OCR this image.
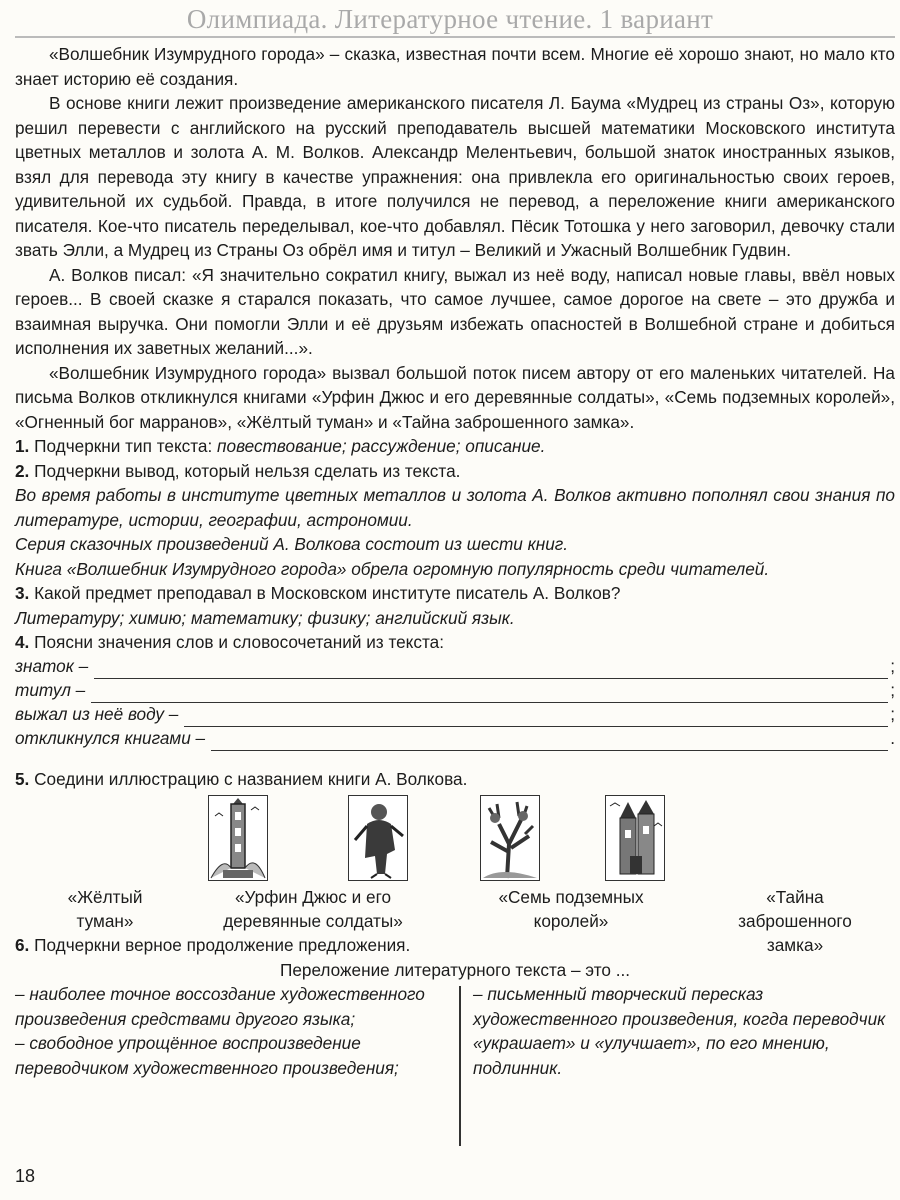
Олимпиада. Литературное чтение. 1 вариант

«Волшебник Изумрудного города» – сказка, известная почти всем. Многие её хорошо знают, но мало кто знает историю её создания.

В основе книги лежит произведение американского писателя Л. Баума «Мудрец из страны Оз», которую решил перевести с английского на русский преподаватель высшей математики Московского института цветных металлов и золота А. М. Волков. Александр Мелентьевич, большой знаток иностранных языков, взял для перевода эту книгу в качестве упражнения: она привлекла его оригинальностью своих героев, удивительной их судьбой. Правда, в итоге получился не перевод, а переложение книги американского писателя. Кое-что писатель переделывал, кое-что добавлял. Пёсик Тотошка у него заговорил, девочку стали звать Элли, а Мудрец из Страны Оз обрёл имя и титул – Великий и Ужасный Волшебник Гудвин.

А. Волков писал: «Я значительно сократил книгу, выжал из неё воду, написал новые главы, ввёл новых героев... В своей сказке я старался показать, что самое лучшее, самое дорогое на свете – это дружба и взаимная выручка. Они помогли Элли и её друзьям избежать опасностей в Волшебной стране и добиться исполнения их заветных желаний...».

«Волшебник Изумрудного города» вызвал большой поток писем автору от его маленьких читателей. На письма Волков откликнулся книгами «Урфин Джюс и его деревянные солдаты», «Семь подземных королей», «Огненный бог марранов», «Жёлтый туман» и «Тайна заброшенного замка».

1. Подчеркни тип текста: повествование; рассуждение; описание.

2. Подчеркни вывод, который нельзя сделать из текста.

Во время работы в институте цветных металлов и золота А. Волков активно пополнял свои знания по литературе, истории, географии, астрономии.

Серия сказочных произведений А. Волкова состоит из шести книг.

Книга «Волшебник Изумрудного города» обрела огромную популярность среди читателей.

3. Какой предмет преподавал в Московском институте писатель А. Волков?

Литературу; химию; математику; физику; английский язык.

4. Поясни значения слов и словосочетаний из текста:

знаток –	;
титул –	;
выжал из неё воду –	;
откликнулся книгами –	.

5. Соедини иллюстрацию с названием книги А. Волкова.

«Жёлтый
туман»
«Урфин Джюс и его
деревянные солдаты»
«Семь подземных
королей»
«Тайна
заброшенного
замка»

6. Подчеркни верное продолжение предложения.

Переложение литературного текста – это ...

– наиболее точное воссоздание художественного произведения средствами другого языка;
– свободное упрощённое воспроизведение переводчиком художественного произведения;
– письменный творческий пересказ художественного произведения, когда переводчик «украшает» и «улучшает», по его мнению, подлинник.
18
